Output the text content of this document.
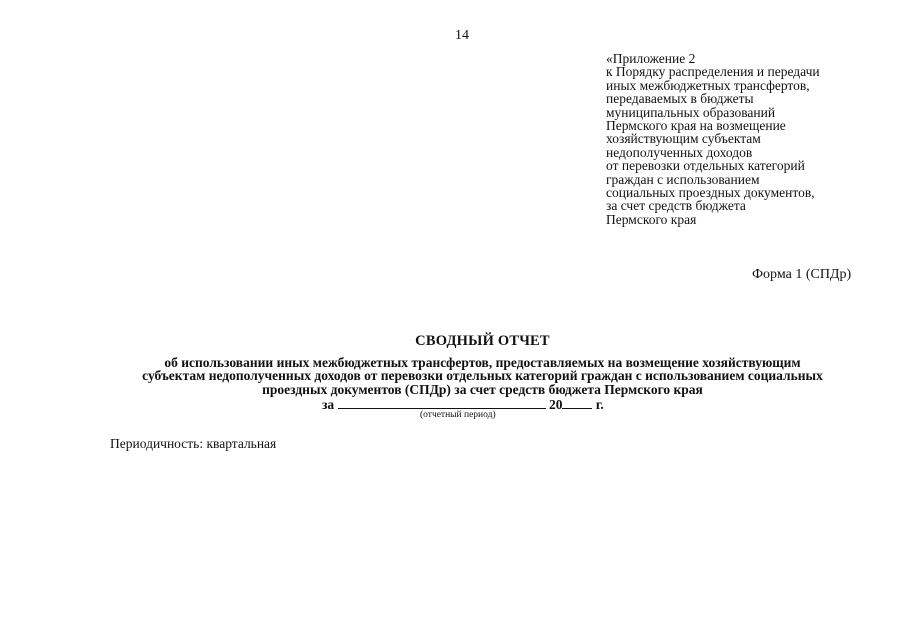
14
«Приложение 2
к Порядку распределения и передачи
иных межбюджетных трансфертов,
передаваемых в бюджеты
муниципальных образований
Пермского края на возмещение
хозяйствующим субъектам
недополученных доходов
от перевозки отдельных категорий
граждан с использованием
социальных проездных документов,
за счет средств бюджета
Пермского края
Форма 1 (СПДр)
СВОДНЫЙ ОТЧЕТ
об использовании иных межбюджетных трансфертов, предоставляемых на возмещение хозяйствующим
субъектам недополученных доходов от перевозки отдельных категорий граждан с использованием социальных
проездных документов (СПДр) за счет средств бюджета Пермского края
за	20 г.
(отчетный период)
Периодичность: квартальная
